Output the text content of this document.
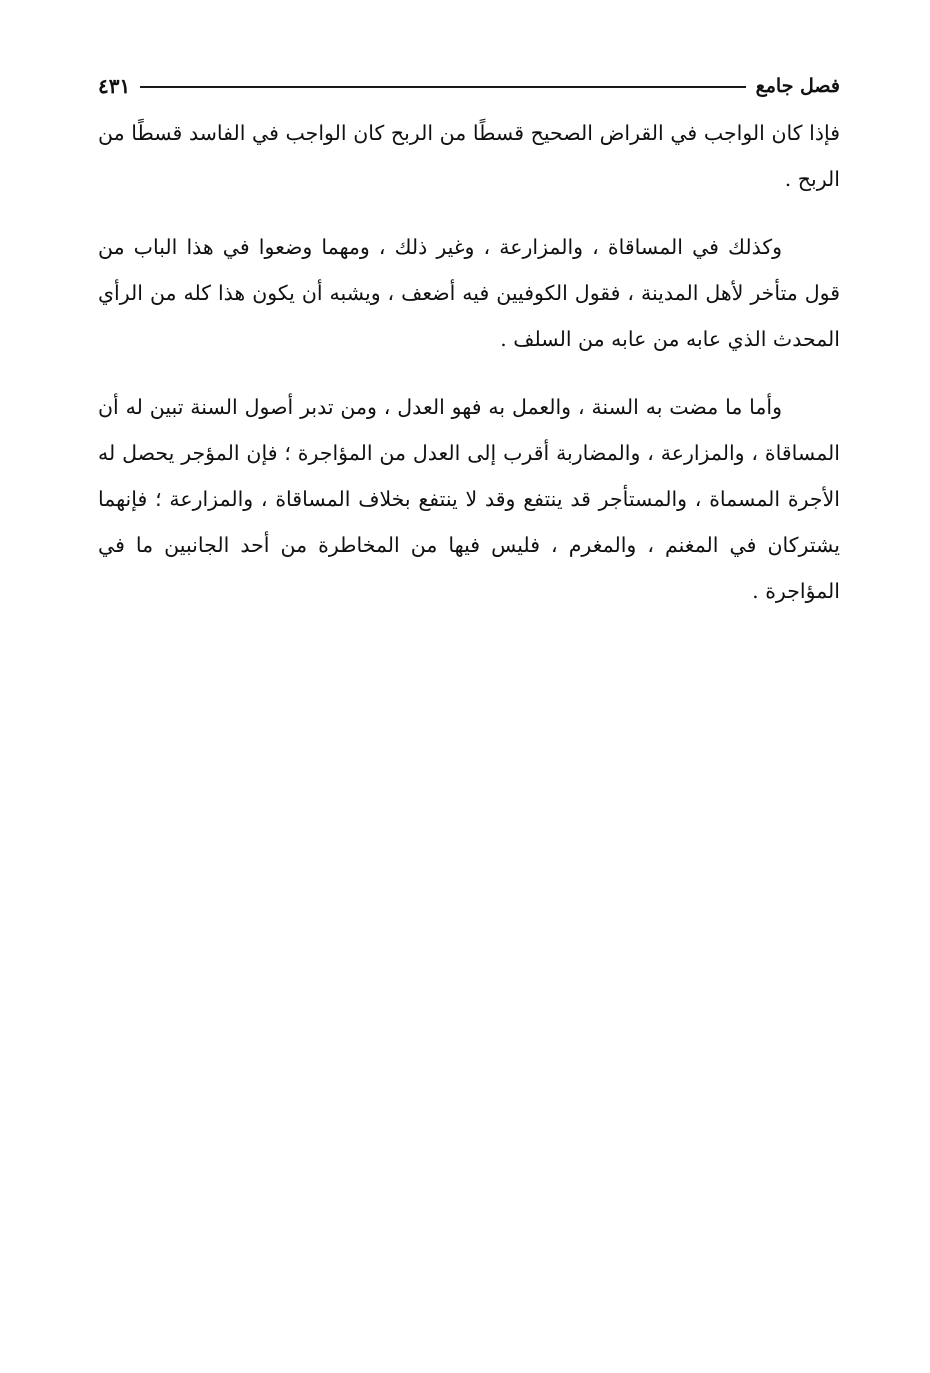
فصل جامع
٤٣١

فإذا كان الواجب في القراض الصحيح قسطًا من الربح كان الواجب في الفاسد قسطًا من الربح .

وكذلك في المساقاة ، والمزارعة ، وغير ذلك ، ومهما وضعوا في هذا الباب من قول متأخر لأهل المدينة ، فقول الكوفيين فيه أضعف ، ويشبه أن يكون هذا كله من الرأي المحدث الذي عابه من عابه من السلف .

وأما ما مضت به السنة ، والعمل به فهو العدل ، ومن تدبر أصول السنة تبين له أن المساقاة ، والمزارعة ، والمضاربة أقرب إلى العدل من المؤاجرة ؛ فإن المؤجر يحصل له الأجرة المسماة ، والمستأجر قد ينتفع وقد لا ينتفع بخلاف المساقاة ، والمزارعة ؛ فإنهما يشتركان في المغنم ، والمغرم ، فليس فيها من المخاطرة من أحد الجانبين ما في المؤاجرة .
